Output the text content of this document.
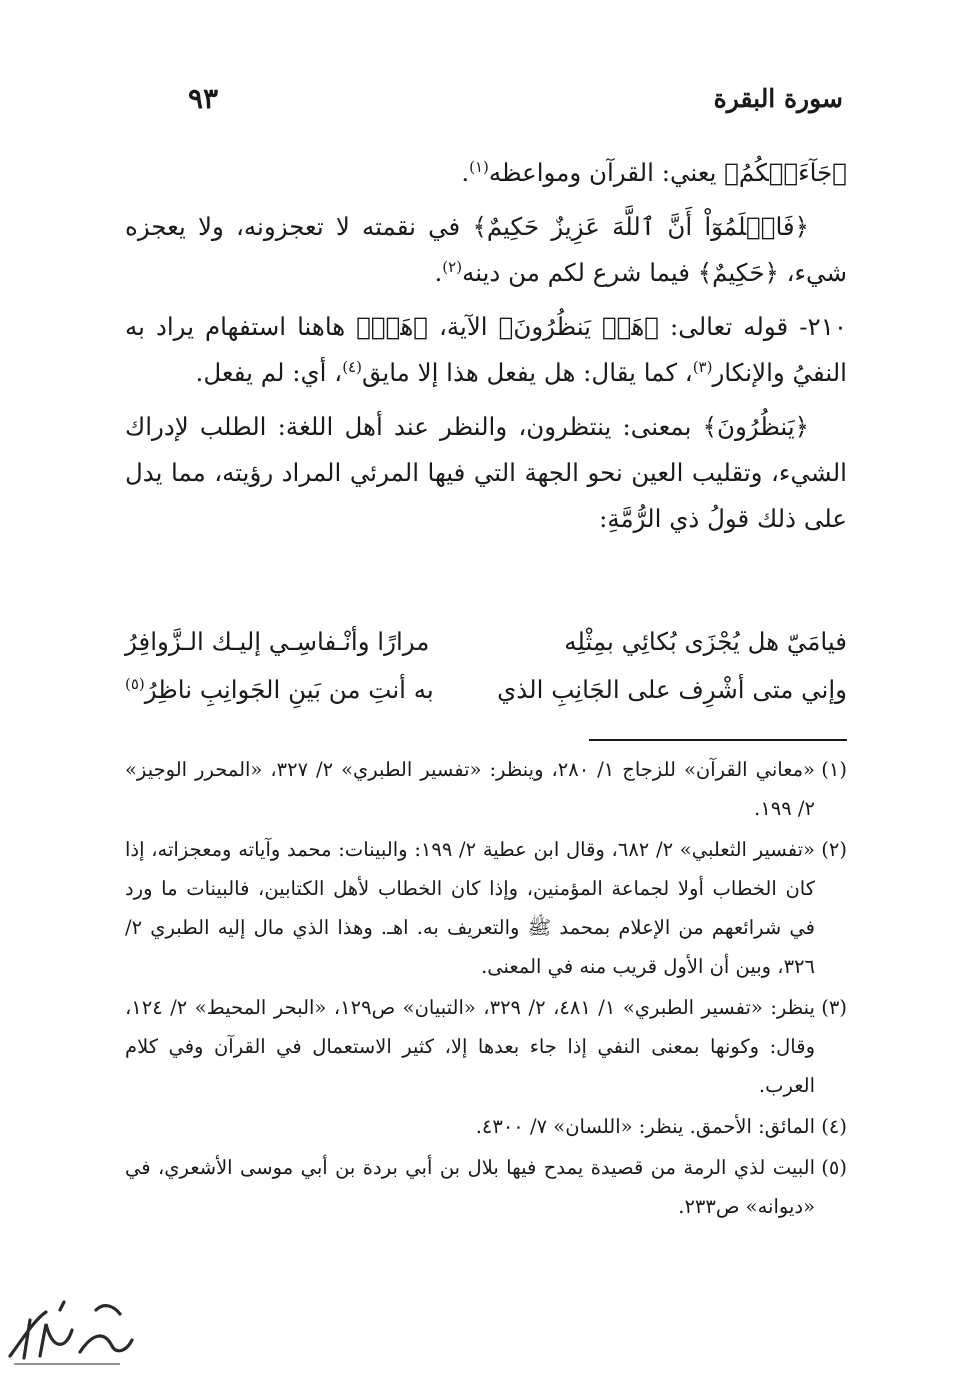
سورة البقرة
٩٣

﴿جَآءَتۡكُمُ﴾ يعني: القرآن ومواعظه$^{(١)}$.

﴿فَاعۡلَمُوٓاْ أَنَّ ٱللَّهَ عَزِيزٌ حَكِيمٌ﴾ في نقمته لا تعجزونه، ولا يعجزه شيء، ﴿حَكِيمٌ﴾ فيما شرع لكم من دينه$^{(٢)}$.

٢١٠- قوله تعالى: ﴿هَلۡ يَنظُرُونَ﴾ الآية، ﴿هَلۡ﴾ هاهنا استفهام يراد به النفيُ والإنكار$^{(٣)}$، كما يقال: هل يفعل هذا إلا مايق$^{(٤)}$، أي: لم يفعل.

﴿يَنظُرُونَ﴾ بمعنى: ينتظرون، والنظر عند أهل اللغة: الطلب لإدراك الشيء، وتقليب العين نحو الجهة التي فيها المرئي المراد رؤيته، مما يدل على ذلك قولُ ذي الرُّمَّةِ:

فيامَيّ هل يُجْزَى بُكائِي بمِثْلِه
مرارًا وأنْـفاسِـي إليـك الـزَّوافِرُ
وإني متى أشْرِف على الجَانِبِ الذي
به أنتِ من بَينِ الجَوانِبِ ناظِرُ$^{(٥)}$

(١)«معاني القرآن» للزجاج ١/ ٢٨٠، وينظر: «تفسير الطبري» ٢/ ٣٢٧، «المحرر الوجيز» ٢/ ١٩٩.

(٢)«تفسير الثعلبي» ٢/ ٦٨٢، وقال ابن عطية ٢/ ١٩٩: والبينات: محمد وآياته ومعجزاته، إذا كان الخطاب أولا لجماعة المؤمنين، وإذا كان الخطاب لأهل الكتابين، فالبينات ما ورد في شرائعهم من الإعلام بمحمد ﷺ والتعريف به. اهـ. وهذا الذي مال إليه الطبري ٢/ ٣٢٦، وبين أن الأول قريب منه في المعنى.

(٣)ينظر: «تفسير الطبري» ١/ ٤٨١، ٢/ ٣٢٩، «التبيان» ص١٢٩، «البحر المحيط» ٢/ ١٢٤، وقال: وكونها بمعنى النفي إذا جاء بعدها إلا، كثير الاستعمال في القرآن وفي كلام العرب.

(٤)المائق: الأحمق. ينظر: «اللسان» ٧/ ٤٣٠٠.

(٥)البيت لذي الرمة من قصيدة يمدح فيها بلال بن أبي بردة بن أبي موسى الأشعري، في «ديوانه» ص٢٣٣.
